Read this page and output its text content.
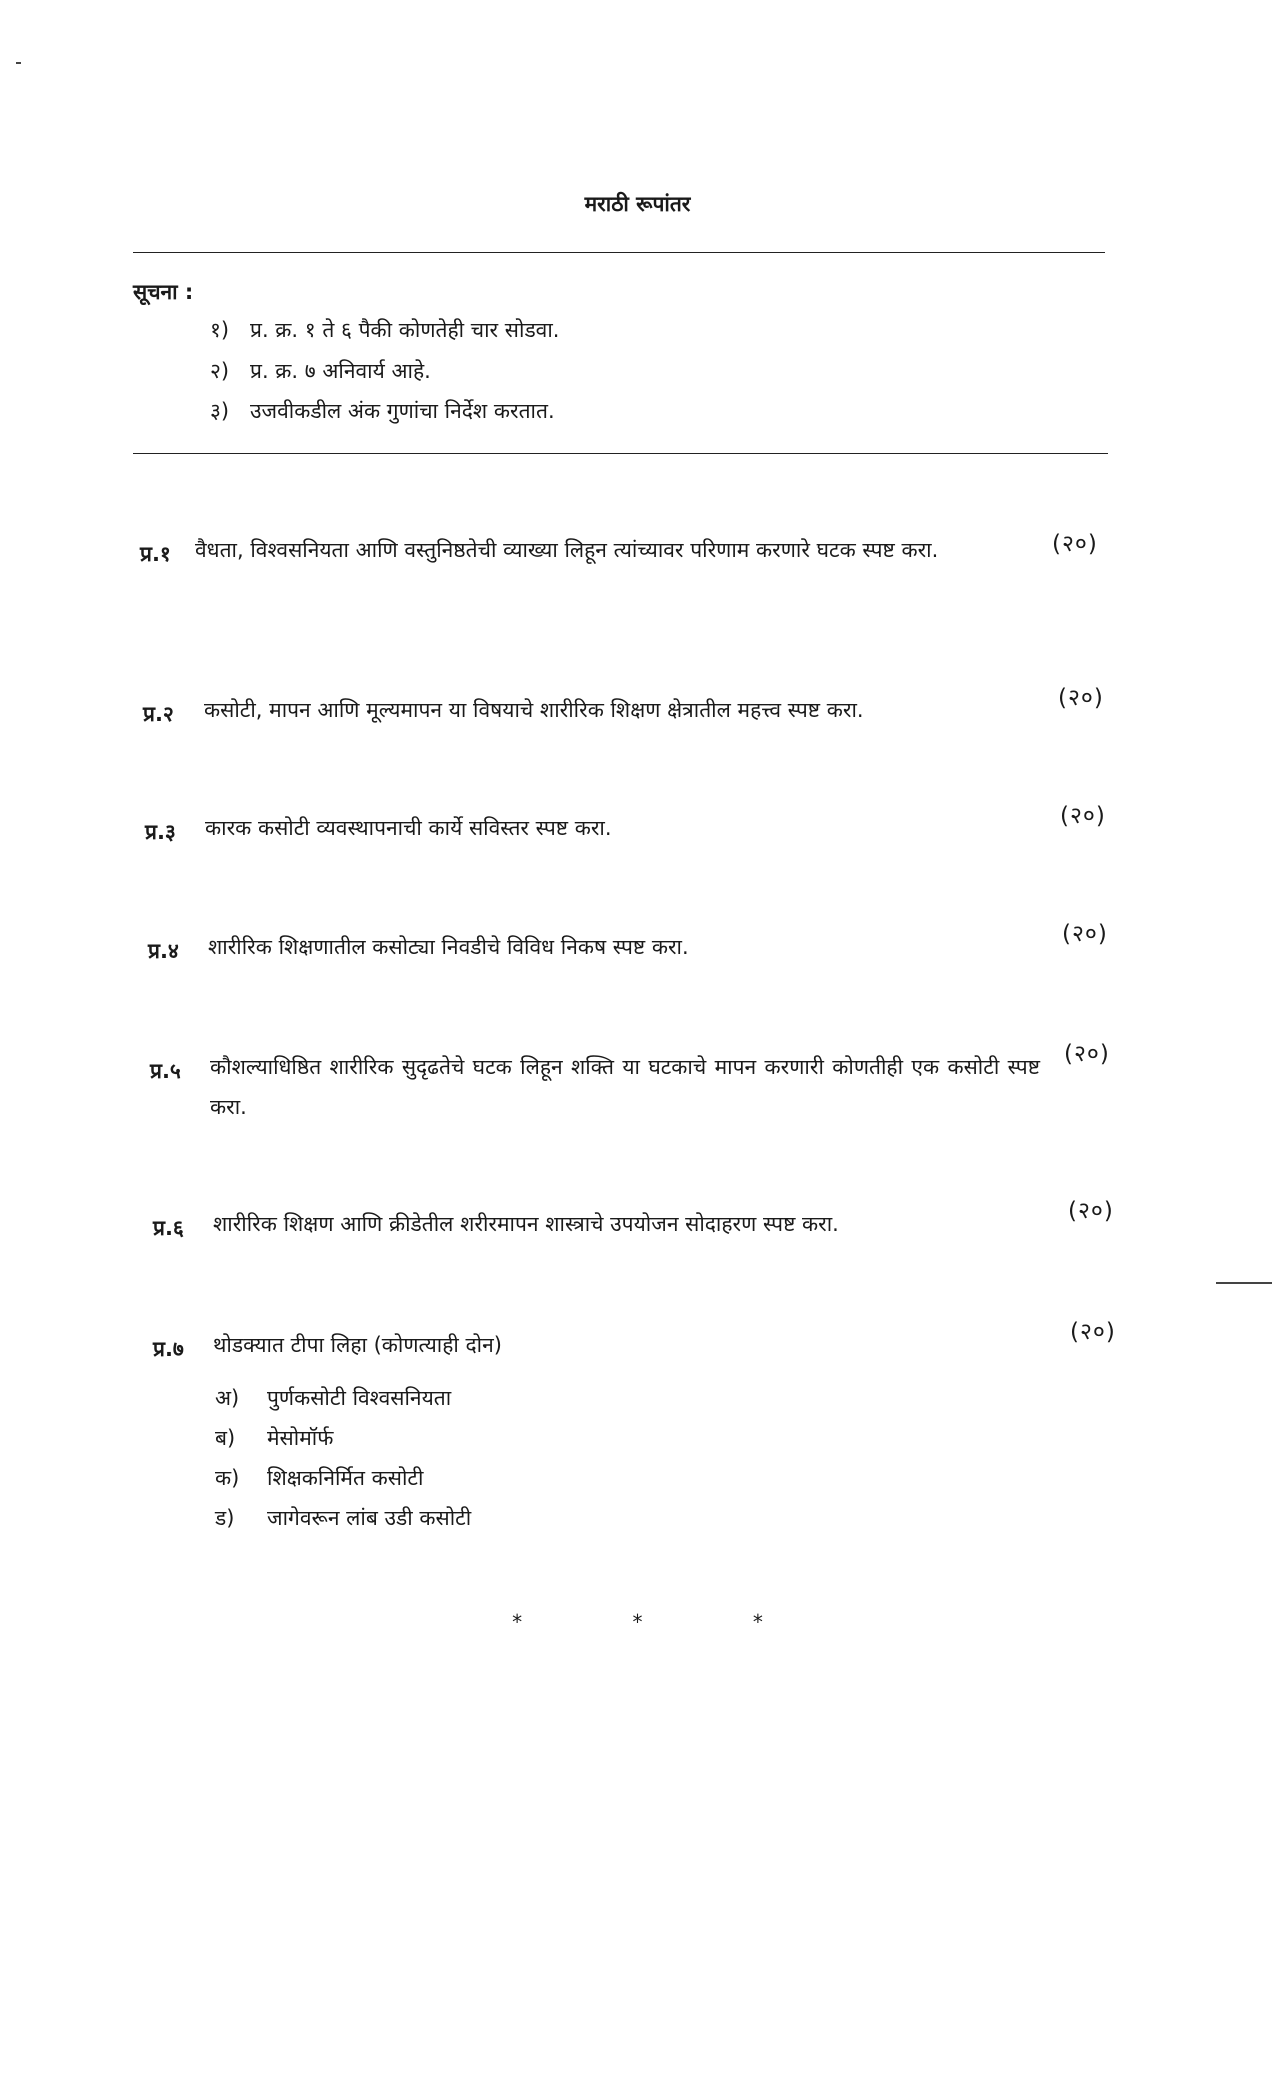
मराठी रूपांतर
सूचना :
१) प्र. क्र. १ ते ६ पैकी कोणतेही चार सोडवा.
२) प्र. क्र. ७ अनिवार्य आहे.
३) उजवीकडील अंक गुणांचा निर्देश करतात.
प्र.१ वैधता, विश्वसनियता आणि वस्तुनिष्ठतेची व्याख्या लिहून त्यांच्यावर परिणाम करणारे घटक स्पष्ट करा.	(२०)
प्र.२ कसोटी, मापन आणि मूल्यमापन या विषयाचे शारीरिक शिक्षण क्षेत्रातील महत्त्व स्पष्ट करा.	(२०)
प्र.३ कारक कसोटी व्यवस्थापनाची कार्ये सविस्तर स्पष्ट करा.	(२०)
प्र.४ शारीरिक शिक्षणातील कसोट्या निवडीचे विविध निकष स्पष्ट करा.	(२०)
प्र.५ कौशल्याधिष्ठित शारीरिक सुदृढतेचे घटक लिहून शक्ति या घटकाचे मापन करणारी कोणतीही एक कसोटी स्पष्ट करा.
(२०)
प्र.६ शारीरिक शिक्षण आणि क्रीडेतील शरीरमापन शास्त्राचे उपयोजन सोदाहरण स्पष्ट करा.	(२०)
प्र.७ थोडक्यात टीपा लिहा (कोणत्याही दोन)	(२०)
अ) पुर्णकसोटी विश्वसनियता
ब) मेसोमॉर्फ
क) शिक्षकनिर्मित कसोटी
ड) जागेवरून लांब उडी कसोटी
* * *
